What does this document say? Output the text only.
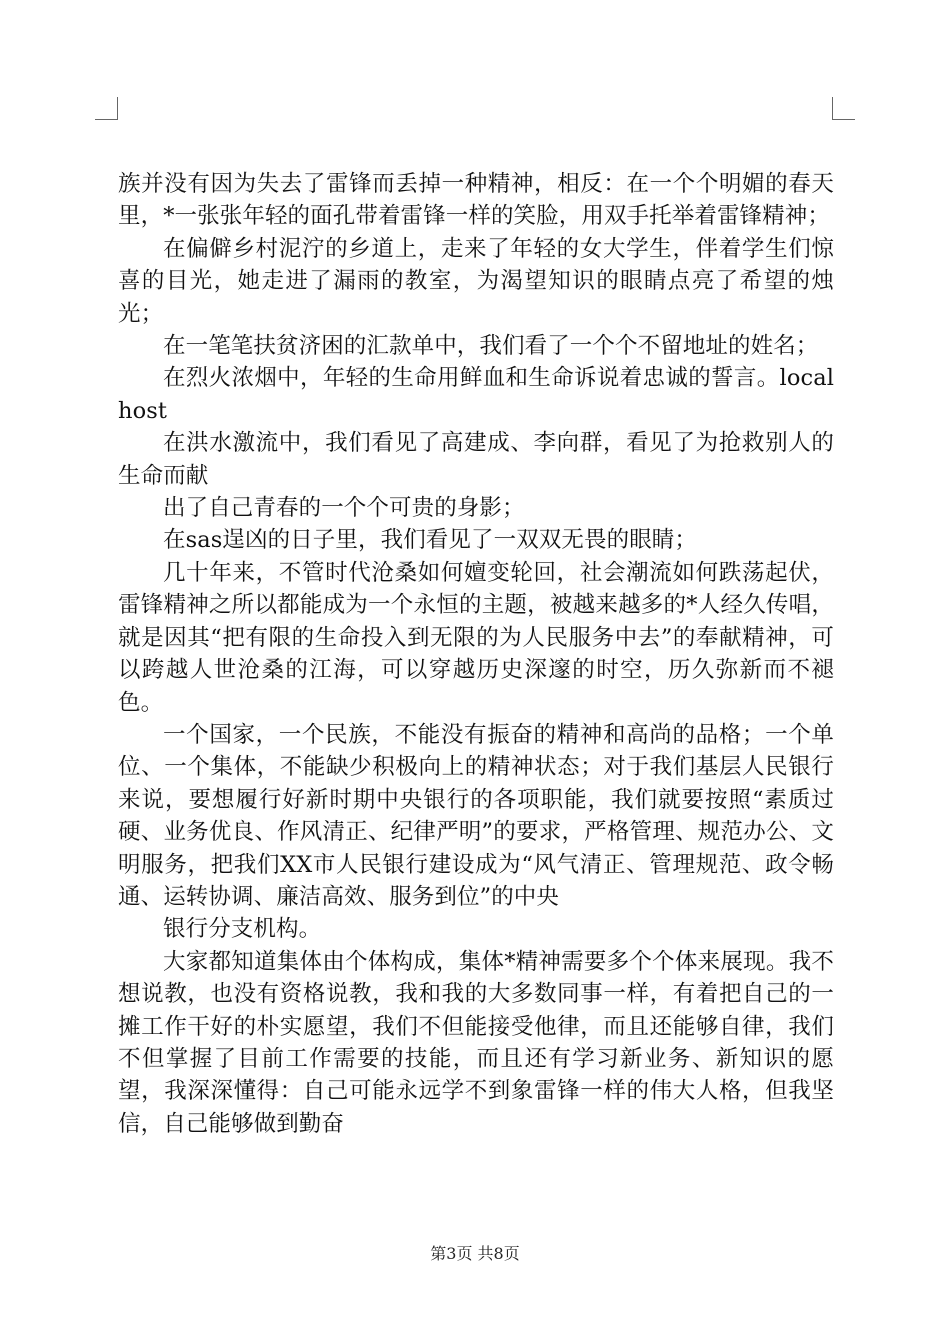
族并没有因为失去了雷锋而丢掉一种精神，相反：在一个个明媚的春天里，*一张张年轻的面孔带着雷锋一样的笑脸，用双手托举着雷锋精神；

在偏僻乡村泥泞的乡道上，走来了年轻的女大学生，伴着学生们惊喜的目光，她走进了漏雨的教室，为渴望知识的眼睛点亮了希望的烛光；

在一笔笔扶贫济困的汇款单中，我们看了一个个不留地址的姓名；

在烈火浓烟中，年轻的生命用鲜血和生命诉说着忠诚的誓言。localhost

在洪水激流中，我们看见了高建成、李向群，看见了为抢救别人的生命而献

出了自己青春的一个个可贵的身影；

在sas逞凶的日子里，我们看见了一双双无畏的眼睛；

几十年来，不管时代沧桑如何嬗变轮回，社会潮流如何跌荡起伏，雷锋精神之所以都能成为一个永恒的主题，被越来越多的*人经久传唱，就是因其“把有限的生命投入到无限的为人民服务中去”的奉献精神，可以跨越人世沧桑的江海，可以穿越历史深邃的时空，历久弥新而不褪色。

一个国家，一个民族，不能没有振奋的精神和高尚的品格；一个单位、一个集体，不能缺少积极向上的精神状态；对于我们基层人民银行来说，要想履行好新时期中央银行的各项职能，我们就要按照“素质过硬、业务优良、作风清正、纪律严明”的要求，严格管理、规范办公、文明服务，把我们XX市人民银行建设成为“风气清正、管理规范、政令畅通、运转协调、廉洁高效、服务到位”的中央

银行分支机构。

大家都知道集体由个体构成，集体*精神需要多个个体来展现。我不想说教，也没有资格说教，我和我的大多数同事一样，有着把自己的一摊工作干好的朴实愿望，我们不但能接受他律，而且还能够自律，我们不但掌握了目前工作需要的技能，而且还有学习新业务、新知识的愿望，我深深懂得：自己可能永远学不到象雷锋一样的伟大人格，但我坚信，自己能够做到勤奋

第3页 共8页
